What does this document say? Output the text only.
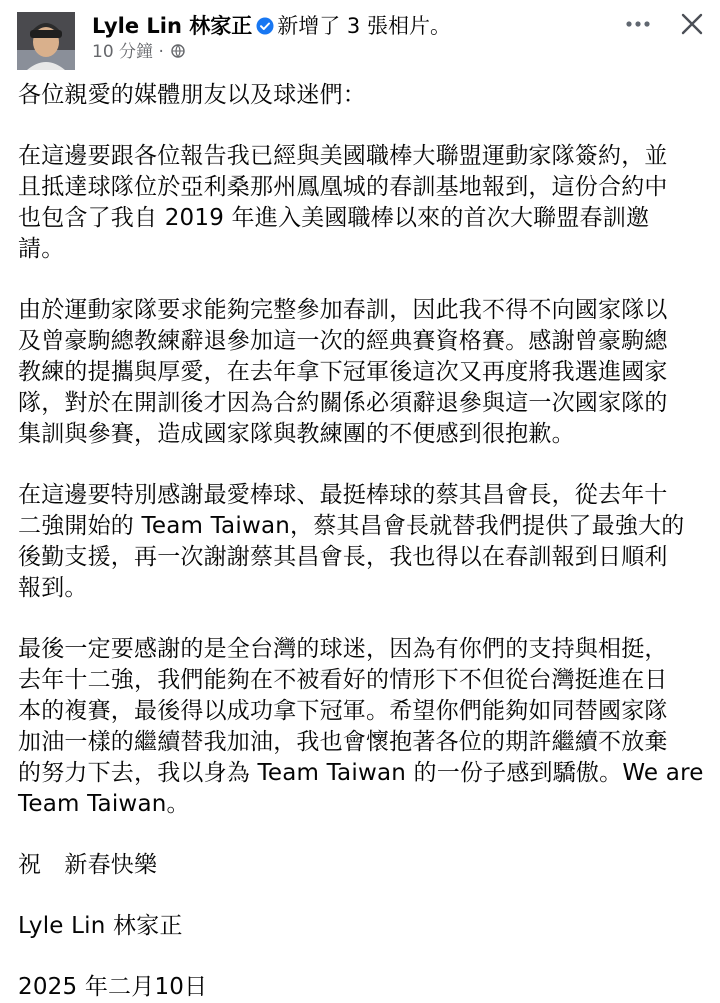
Lyle Lin 林家正 新增了 3 張相片。
10 分鐘 ·

各位親愛的媒體朋友以及球迷們：

在這邊要跟各位報告我已經與美國職棒大聯盟運動家隊簽約，並

且抵達球隊位於亞利桑那州鳳凰城的春訓基地報到，這份合約中

也包含了我自 2019 年進入美國職棒以來的首次大聯盟春訓邀

請。

由於運動家隊要求能夠完整參加春訓，因此我不得不向國家隊以

及曾豪駒總教練辭退參加這一次的經典賽資格賽。感謝曾豪駒總

教練的提攜與厚愛，在去年拿下冠軍後這次又再度將我選進國家

隊，對於在開訓後才因為合約關係必須辭退參與這一次國家隊的

集訓與參賽，造成國家隊與教練團的不便感到很抱歉。

在這邊要特別感謝最愛棒球、最挺棒球的蔡其昌會長，從去年十

二強開始的 Team Taiwan，蔡其昌會長就替我們提供了最強大的

後勤支援，再一次謝謝蔡其昌會長，我也得以在春訓報到日順利

報到。

最後一定要感謝的是全台灣的球迷，因為有你們的支持與相挺，

去年十二強，我們能夠在不被看好的情形下不但從台灣挺進在日

本的複賽，最後得以成功拿下冠軍。希望你們能夠如同替國家隊

加油一樣的繼續替我加油，我也會懷抱著各位的期許繼續不放棄

的努力下去，我以身為 Team Taiwan 的一份子感到驕傲。We are

Team Taiwan。

祝　新春快樂

Lyle Lin 林家正

2025 年二月10日
